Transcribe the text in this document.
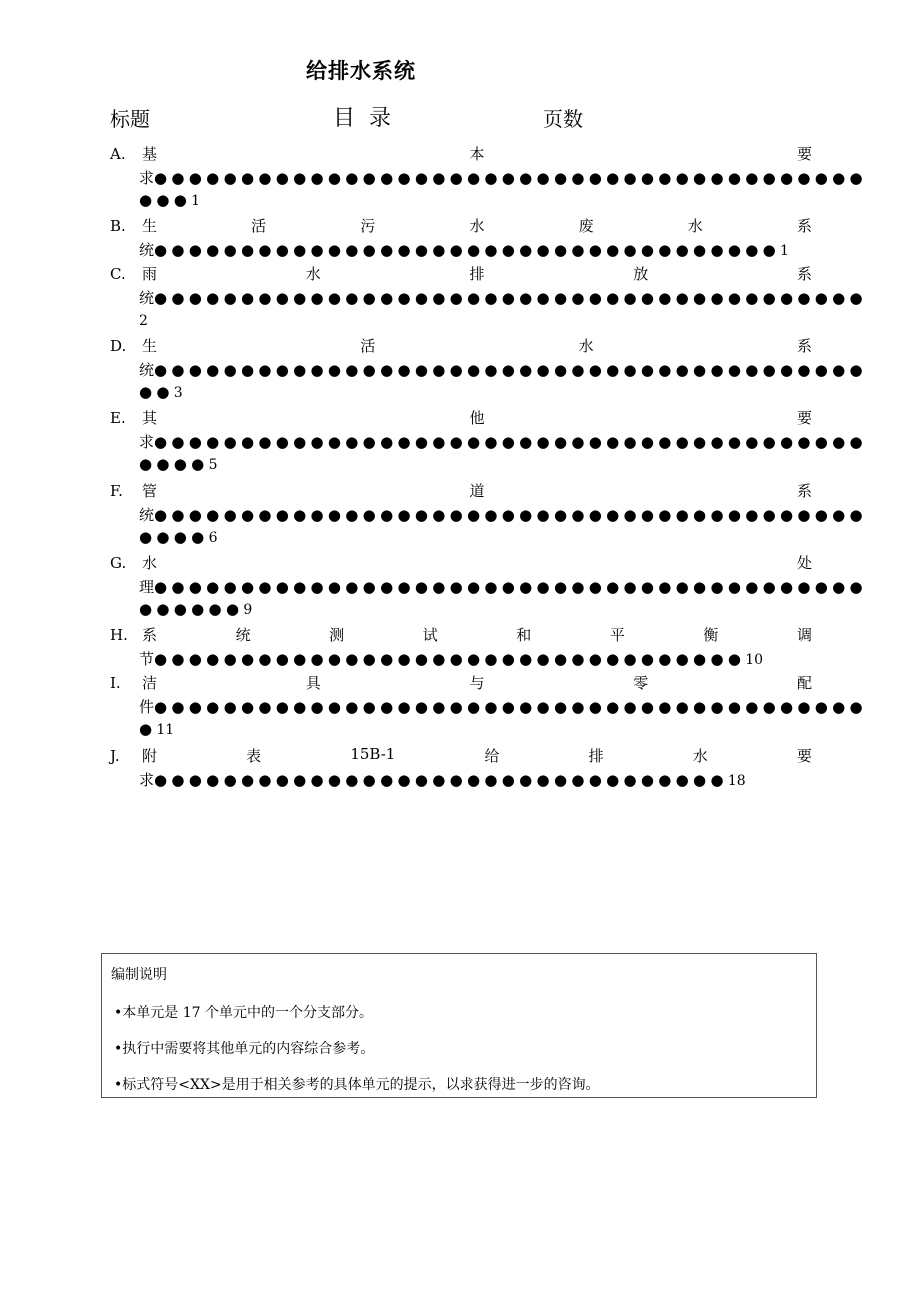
给排水系统
标题	目录	页数
A.	基	本	要
求●●●●●●●●●●●●●●●●●●●●●●●●●●●●●●●●●●●●●●●●●
●●●1
B.	生	活	污	水	废	水	系
统●●●●●●●●●●●●●●●●●●●●●●●●●●●●●●●●●●●●1
C.	雨	水	排	放	系
统●●●●●●●●●●●●●●●●●●●●●●●●●●●●●●●●●●●●●●●●●
2
D.	生	活	水	系
统●●●●●●●●●●●●●●●●●●●●●●●●●●●●●●●●●●●●●●●●●
●●3
E.	其	他	要
求●●●●●●●●●●●●●●●●●●●●●●●●●●●●●●●●●●●●●●●●●
●●●●5
F.	管	道	系
统●●●●●●●●●●●●●●●●●●●●●●●●●●●●●●●●●●●●●●●●●
●●●●6
G.	水	处
理●●●●●●●●●●●●●●●●●●●●●●●●●●●●●●●●●●●●●●●●●
●●●●●●9
H. 系	统	测	试	和	平	衡	调
节●●●●●●●●●●●●●●●●●●●●●●●●●●●●●●●●●●10
I.	洁	具	与	零	配
件●●●●●●●●●●●●●●●●●●●●●●●●●●●●●●●●●●●●●●●●●
●11
J.	附	表	15B-1	给	排	水	要
求●●●●●●●●●●●●●●●●●●●●●●●●●●●●●●●●●18
编制说明
•本单元是 17 个单元中的一个分支部分。
•执行中需要将其他单元的内容综合参考。
•标式符号<XX>是用于相关参考的具体单元的提示，以求获得进一步的咨询。
